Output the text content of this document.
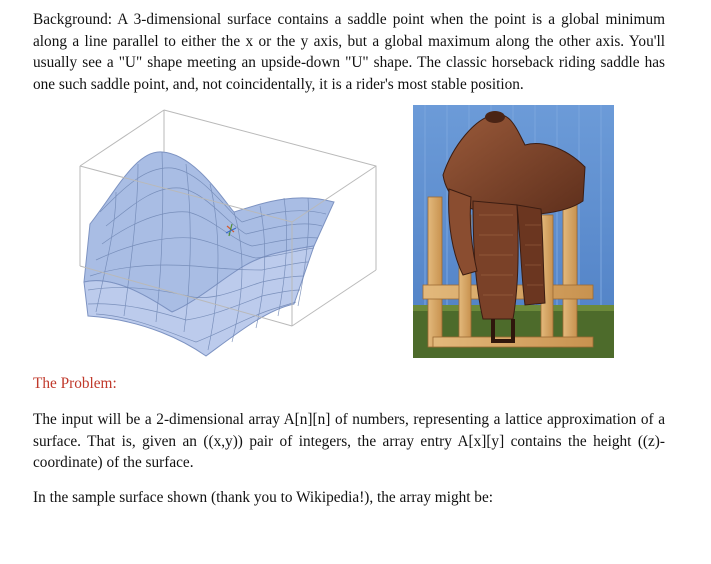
Background: A 3-dimensional surface contains a saddle point when the point is a global minimum along a line parallel to either the x or the y axis, but a global maximum along the other axis. You'll usually see a "U" shape meeting an upside-down "U" shape. The classic horseback riding saddle has one such saddle point, and, not coincidentally, it is a rider's most stable position.

The Problem:

The input will be a 2-dimensional array A[n][n] of numbers, representing a lattice approximation of a surface. That is, given an ((x,y)) pair of integers, the array entry A[x][y] contains the height ((z)-coordinate) of the surface.

In the sample surface shown (thank you to Wikipedia!), the array might be:
